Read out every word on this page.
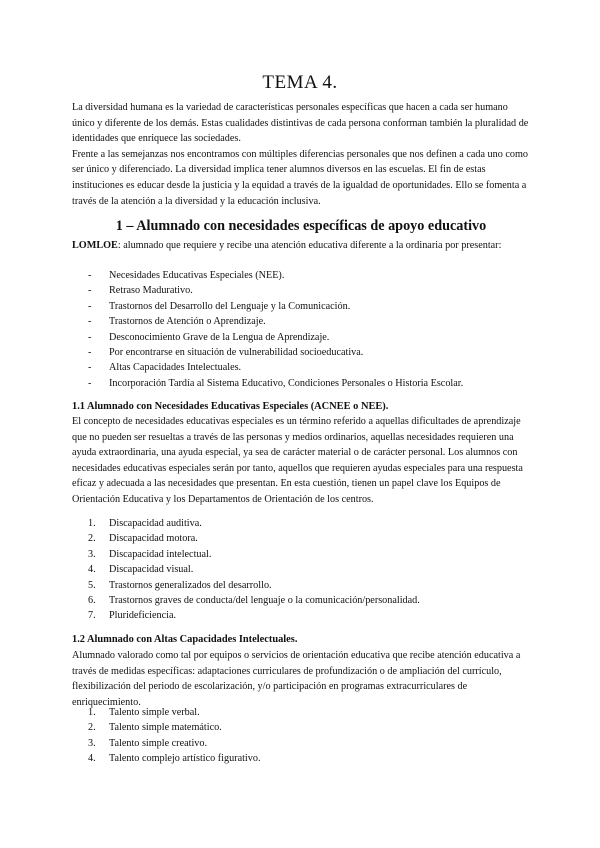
TEMA 4.

La diversidad humana es la variedad de características personales específicas que hacen a cada ser humano único y diferente de los demás. Estas cualidades distintivas de cada persona conforman también la pluralidad de identidades que enriquece las sociedades.

Frente a las semejanzas nos encontramos con múltiples diferencias personales que nos definen a cada uno como ser único y diferenciado. La diversidad implica tener alumnos diversos en las escuelas. El fin de estas instituciones es educar desde la justicia y la equidad a través de la igualdad de oportunidades. Ello se fomenta a través de la atención a la diversidad y la educación inclusiva.

1 – Alumnado con necesidades específicas de apoyo educativo

LOMLOE: alumnado que requiere y recibe una atención educativa diferente a la ordinaria por presentar:

-	Necesidades Educativas Especiales (NEE).
-	Retraso Madurativo.
-	Trastornos del Desarrollo del Lenguaje y la Comunicación.
-	Trastornos de Atención o Aprendizaje.
-	Desconocimiento Grave de la Lengua de Aprendizaje.
-	Por encontrarse en situación de vulnerabilidad socioeducativa.
-	Altas Capacidades Intelectuales.
-	Incorporación Tardía al Sistema Educativo, Condiciones Personales o Historia Escolar.
1.1 Alumnado con Necesidades Educativas Especiales (ACNEE o NEE).

El concepto de necesidades educativas especiales es un término referido a aquellas dificultades de aprendizaje que no pueden ser resueltas a través de las personas y medios ordinarios, aquellas necesidades requieren una ayuda extraordinaria, una ayuda especial, ya sea de carácter material o de carácter personal. Los alumnos con necesidades educativas especiales serán por tanto, aquellos que requieren ayudas especiales para una respuesta eficaz y adecuada a las necesidades que presentan. En esta cuestión, tienen un papel clave los Equipos de Orientación Educativa y los Departamentos de Orientación de los centros.

1.	Discapacidad auditiva.
2.	Discapacidad motora.
3.	Discapacidad intelectual.
4.	Discapacidad visual.
5.	Trastornos generalizados del desarrollo.
6.	Trastornos graves de conducta/del lenguaje o la comunicación/personalidad.
7.	Plurideficiencia.
1.2 Alumnado con Altas Capacidades Intelectuales.

Alumnado valorado como tal por equipos o servicios de orientación educativa que recibe atención educativa a través de medidas específicas: adaptaciones curriculares de profundización o de ampliación del currículo, flexibilización del periodo de escolarización, y/o participación en programas extracurriculares de enriquecimiento.

1.	Talento simple verbal.
2.	Talento simple matemático.
3.	Talento simple creativo.
4.	Talento complejo artístico figurativo.
